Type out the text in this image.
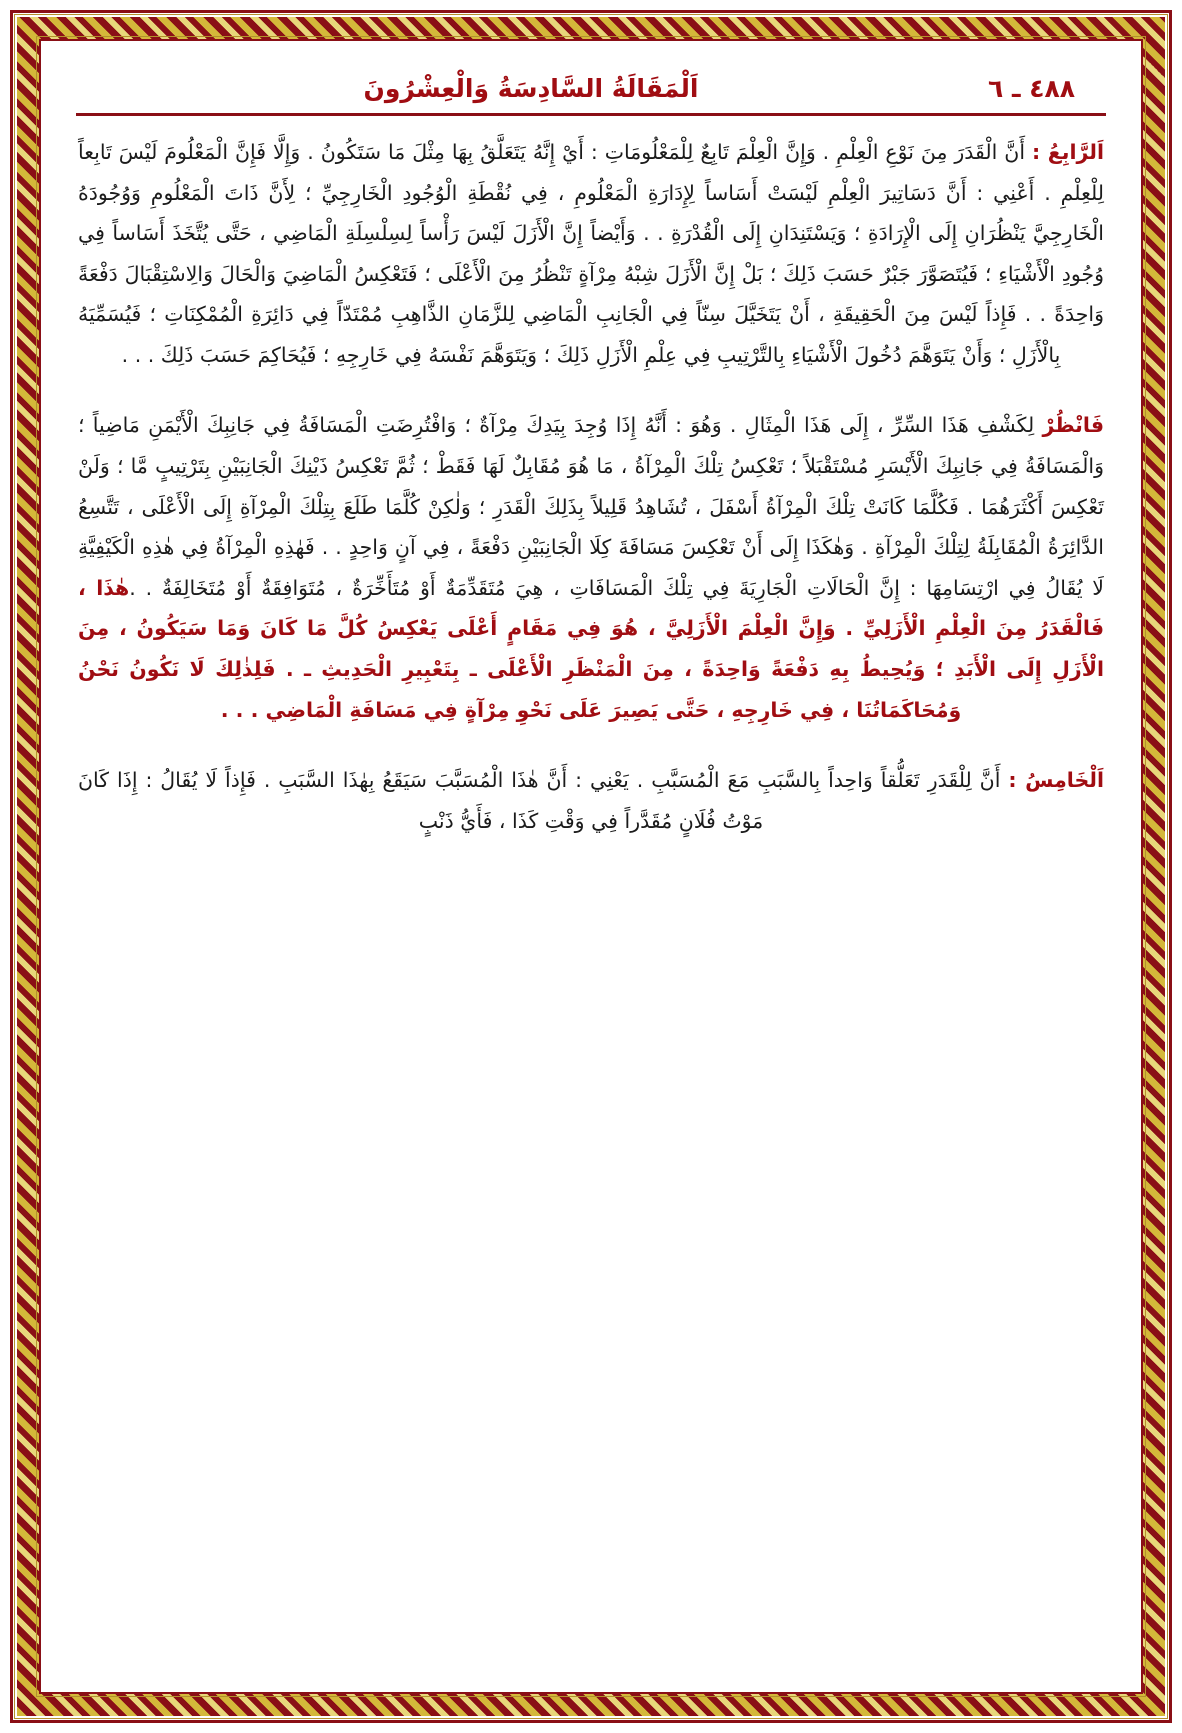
٤٨٨ ـ ٦
اَلْمَقَالَةُ السَّادِسَةُ وَالْعِشْرُونَ

اَلرَّابِعُ : أَنَّ الْقَدَرَ مِنَ نَوْعِ الْعِلْمِ . وَإِنَّ الْعِلْمَ تَابِعٌ لِلْمَعْلُومَاتِ : أَيْ إِنَّهُ يَتَعَلَّقُ بِهَا مِثْلَ مَا سَتَكُونُ . وَإِلَّا فَإِنَّ الْمَعْلُومَ لَيْسَ تَابِعاً لِلْعِلْمِ . أَعْنِي : أَنَّ دَسَاتِيرَ الْعِلْمِ لَيْسَتْ أَسَاساً لِإِدَارَةِ الْمَعْلُومِ ، فِي نُقْطَةِ الْوُجُودِ الْخَارِجِيِّ ؛ لِأَنَّ ذَاتَ الْمَعْلُومِ وَوُجُودَهُ الْخَارِجِيَّ يَنْظُرَانِ إِلَى الْإِرَادَةِ ؛ وَيَسْتَنِدَانِ إِلَى الْقُدْرَةِ . . وَأَيْضاً إِنَّ الْأَزَلَ لَيْسَ رَأْساً لِسِلْسِلَةِ الْمَاضِي ، حَتَّى يُتَّخَذَ أَسَاساً فِي وُجُودِ الْأَشْيَاءِ ؛ فَيُتَصَوَّرَ جَبْرٌ حَسَبَ ذَلِكَ ؛ بَلْ إِنَّ الْأَزَلَ شِبْهُ مِرْآةٍ تَنْظُرُ مِنَ الْأَعْلَى ؛ فَتَعْكِسُ الْمَاضِيَ وَالْحَالَ وَالِاسْتِقْبَالَ دَفْعَةً وَاحِدَةً . . فَإِذاً لَيْسَ مِنَ الْحَقِيقَةِ ، أَنْ يَتَخَيَّلَ سِنّاً فِي الْجَانِبِ الْمَاضِي لِلزَّمَانِ الذَّاهِبِ مُمْتَدّاً فِي دَائِرَةِ الْمُمْكِنَاتِ ؛ فَيُسَمِّيَهُ بِالْأَزَلِ ؛ وَأَنْ يَتَوَهَّمَ دُخُولَ الْأَشْيَاءِ بِالتَّرْتِيبِ فِي عِلْمِ الْأَزَلِ ذَلِكَ ؛ وَيَتَوَهَّمَ نَفْسَهُ فِي خَارِجِهِ ؛ فَيُحَاكِمَ حَسَبَ ذَلِكَ . . .

فَانْظُرْ لِكَشْفِ هَذَا السِّرِّ ، إِلَى هَذَا الْمِثَالِ . وَهُوَ : أَنَّهُ إِذَا وُجِدَ بِيَدِكَ مِرْآةٌ ؛ وَافْتُرِضَتِ الْمَسَافَةُ فِي جَانِبِكَ الْأَيْمَنِ مَاضِياً ؛ وَالْمَسَافَةُ فِي جَانِبِكَ الْأَيْسَرِ مُسْتَقْبَلاً ؛ تَعْكِسُ تِلْكَ الْمِرْآةُ ، مَا هُوَ مُقَابِلٌ لَهَا فَقَطْ ؛ ثُمَّ تَعْكِسُ ذَيْنِكَ الْجَانِبَيْنِ بِتَرْتِيبٍ مَّا ؛ وَلَنْ تَعْكِسَ أَكْثَرَهُمَا . فَكُلَّمَا كَانَتْ تِلْكَ الْمِرْآةُ أَسْفَلَ ، تُشَاهِدُ قَلِيلاً بِذَلِكَ الْقَدَرِ ؛ وَلٰكِنْ كُلَّمَا طَلَعَ بِتِلْكَ الْمِرْآةِ إِلَى الْأَعْلَى ، تَتَّسِعُ الدَّائِرَةُ الْمُقَابِلَةُ لِتِلْكَ الْمِرْآةِ . وَهٰكَذَا إِلَى أَنْ تَعْكِسَ مَسَافَةَ كِلَا الْجَانِبَيْنِ دَفْعَةً ، فِي آنٍ وَاحِدٍ . . فَهٰذِهِ الْمِرْآةُ فِي هٰذِهِ الْكَيْفِيَّةِ لَا يُقَالُ فِي ارْتِسَامِهَا : إِنَّ الْحَالَاتِ الْجَارِيَةَ فِي تِلْكَ الْمَسَافَاتِ ، هِيَ مُتَقَدِّمَةٌ أَوْ مُتَأَخِّرَةٌ ، مُتَوَافِقَةٌ أَوْ مُتَخَالِفَةٌ . .هٰذَا ، فَالْقَدَرُ مِنَ الْعِلْمِ الْأَزَلِيِّ . وَإِنَّ الْعِلْمَ الْأَزَلِيَّ ، هُوَ فِي مَقَامٍ أَعْلَى يَعْكِسُ كُلَّ مَا كَانَ وَمَا سَيَكُونُ ، مِنَ الْأَزَلِ إِلَى الْأَبَدِ ؛ وَيُحِيطُ بِهِ دَفْعَةً وَاحِدَةً ، مِنَ الْمَنْظَرِ الْأَعْلَى ـ بِتَعْبِيرِ الْحَدِيثِ ـ . فَلِذٰلِكَ لَا نَكُونُ نَحْنُ وَمُحَاكَمَاتُنَا ، فِي خَارِجِهِ ، حَتَّى يَصِيرَ عَلَى نَحْوِ مِرْآةٍ فِي مَسَافَةِ الْمَاضِي . . .

اَلْخَامِسُ : أَنَّ لِلْقَدَرِ تَعَلُّقاً وَاحِداً بِالسَّبَبِ مَعَ الْمُسَبَّبِ . يَعْنِي : أَنَّ هٰذَا الْمُسَبَّبَ سَيَقَعُ بِهٰذَا السَّبَبِ . فَإِذاً لَا يُقَالُ : إِذَا كَانَ مَوْتُ فُلَانٍ مُقَدَّراً فِي وَقْتِ كَذَا ، فَأَيُّ ذَنْبٍ
